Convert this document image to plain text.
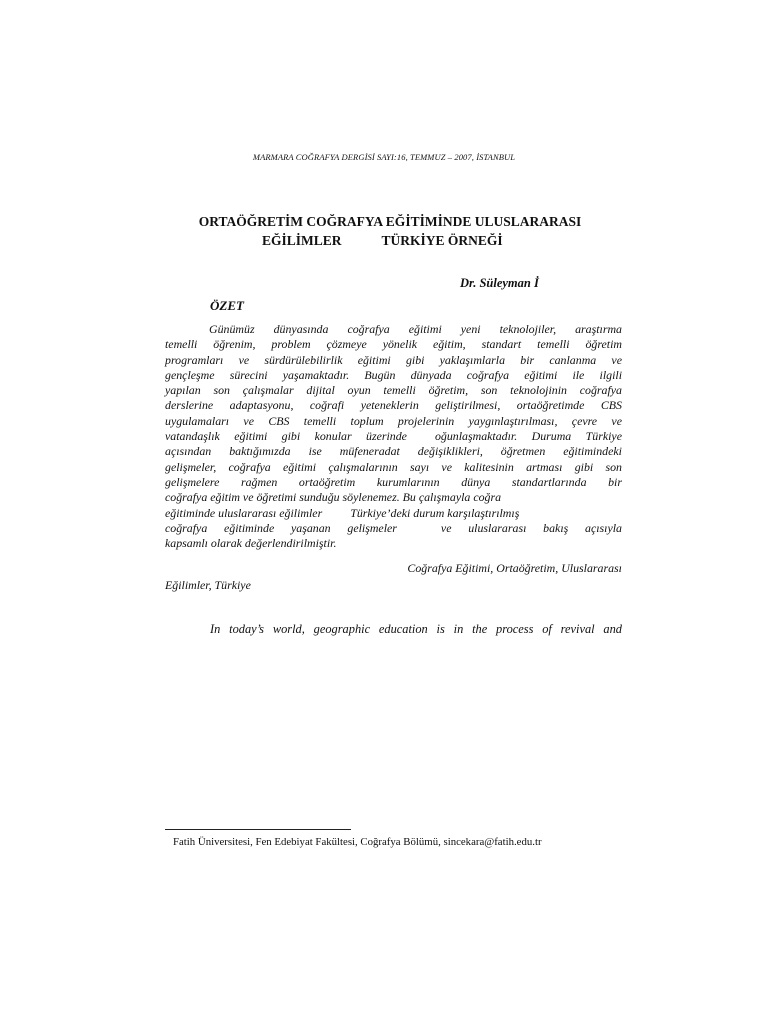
MARMARA COĞRAFYA DERGİSİ SAYI:16, TEMMUZ – 2007, İSTANBUL
ORTAÖĞRETİM COĞRAFYA EĞİTİMİNDE ULUSLARARASI

EĞİLİMLER	TÜRKİYE ÖRNEĞİ
Dr. Süleyman İ
ÖZET
Günümüz dünyasında coğrafya eğitimi yeni teknolojiler, araştırma
temelli öğrenim, problem çözmeye yönelik eğitim, standart temelli öğretim
programları ve sürdürülebilirlik eğitimi gibi yaklaşımlarla bir canlanma ve
gençleşme sürecini yaşamaktadır. Bugün dünyada coğrafya eğitimi ile ilgili
yapılan son çalışmalar dijital oyun temelli öğretim, son teknolojinin coğrafya
derslerine adaptasyonu, coğrafi yeteneklerin geliştirilmesi, ortaöğretimde CBS
uygulamaları ve CBS temelli toplum projelerinin yaygınlaştırılması, çevre ve
vatandaşlık eğitimi gibi konular üzerinde oğunlaşmaktadır. Duruma Türkiye
açısından baktığımızda ise müfeneradat değişiklikleri, öğretmen eğitimindeki
gelişmeler, coğrafya eğitimi çalışmalarının sayı ve kalitesinin artması gibi son
gelişmelere rağmen ortaöğretim kurumlarının dünya standartlarında bir
coğrafya eğitim ve öğretimi sunduğu söylenemez. Bu çalışmayla coğra
eğitiminde uluslararası eğilimler Türkiye’deki durum karşılaştırılmış
coğrafya eğitiminde yaşanan gelişmeler	ve uluslararası bakış açısıyla
kapsamlı olarak değerlendirilmiştir.
Coğrafya Eğitimi, Ortaöğretim, Uluslararası
Eğilimler, Türkiye
In today’s world, geographic education is in the process of revival and
Fatih Üniversitesi, Fen Edebiyat Fakültesi, Coğrafya Bölümü, sincekara@fatih.edu.tr
